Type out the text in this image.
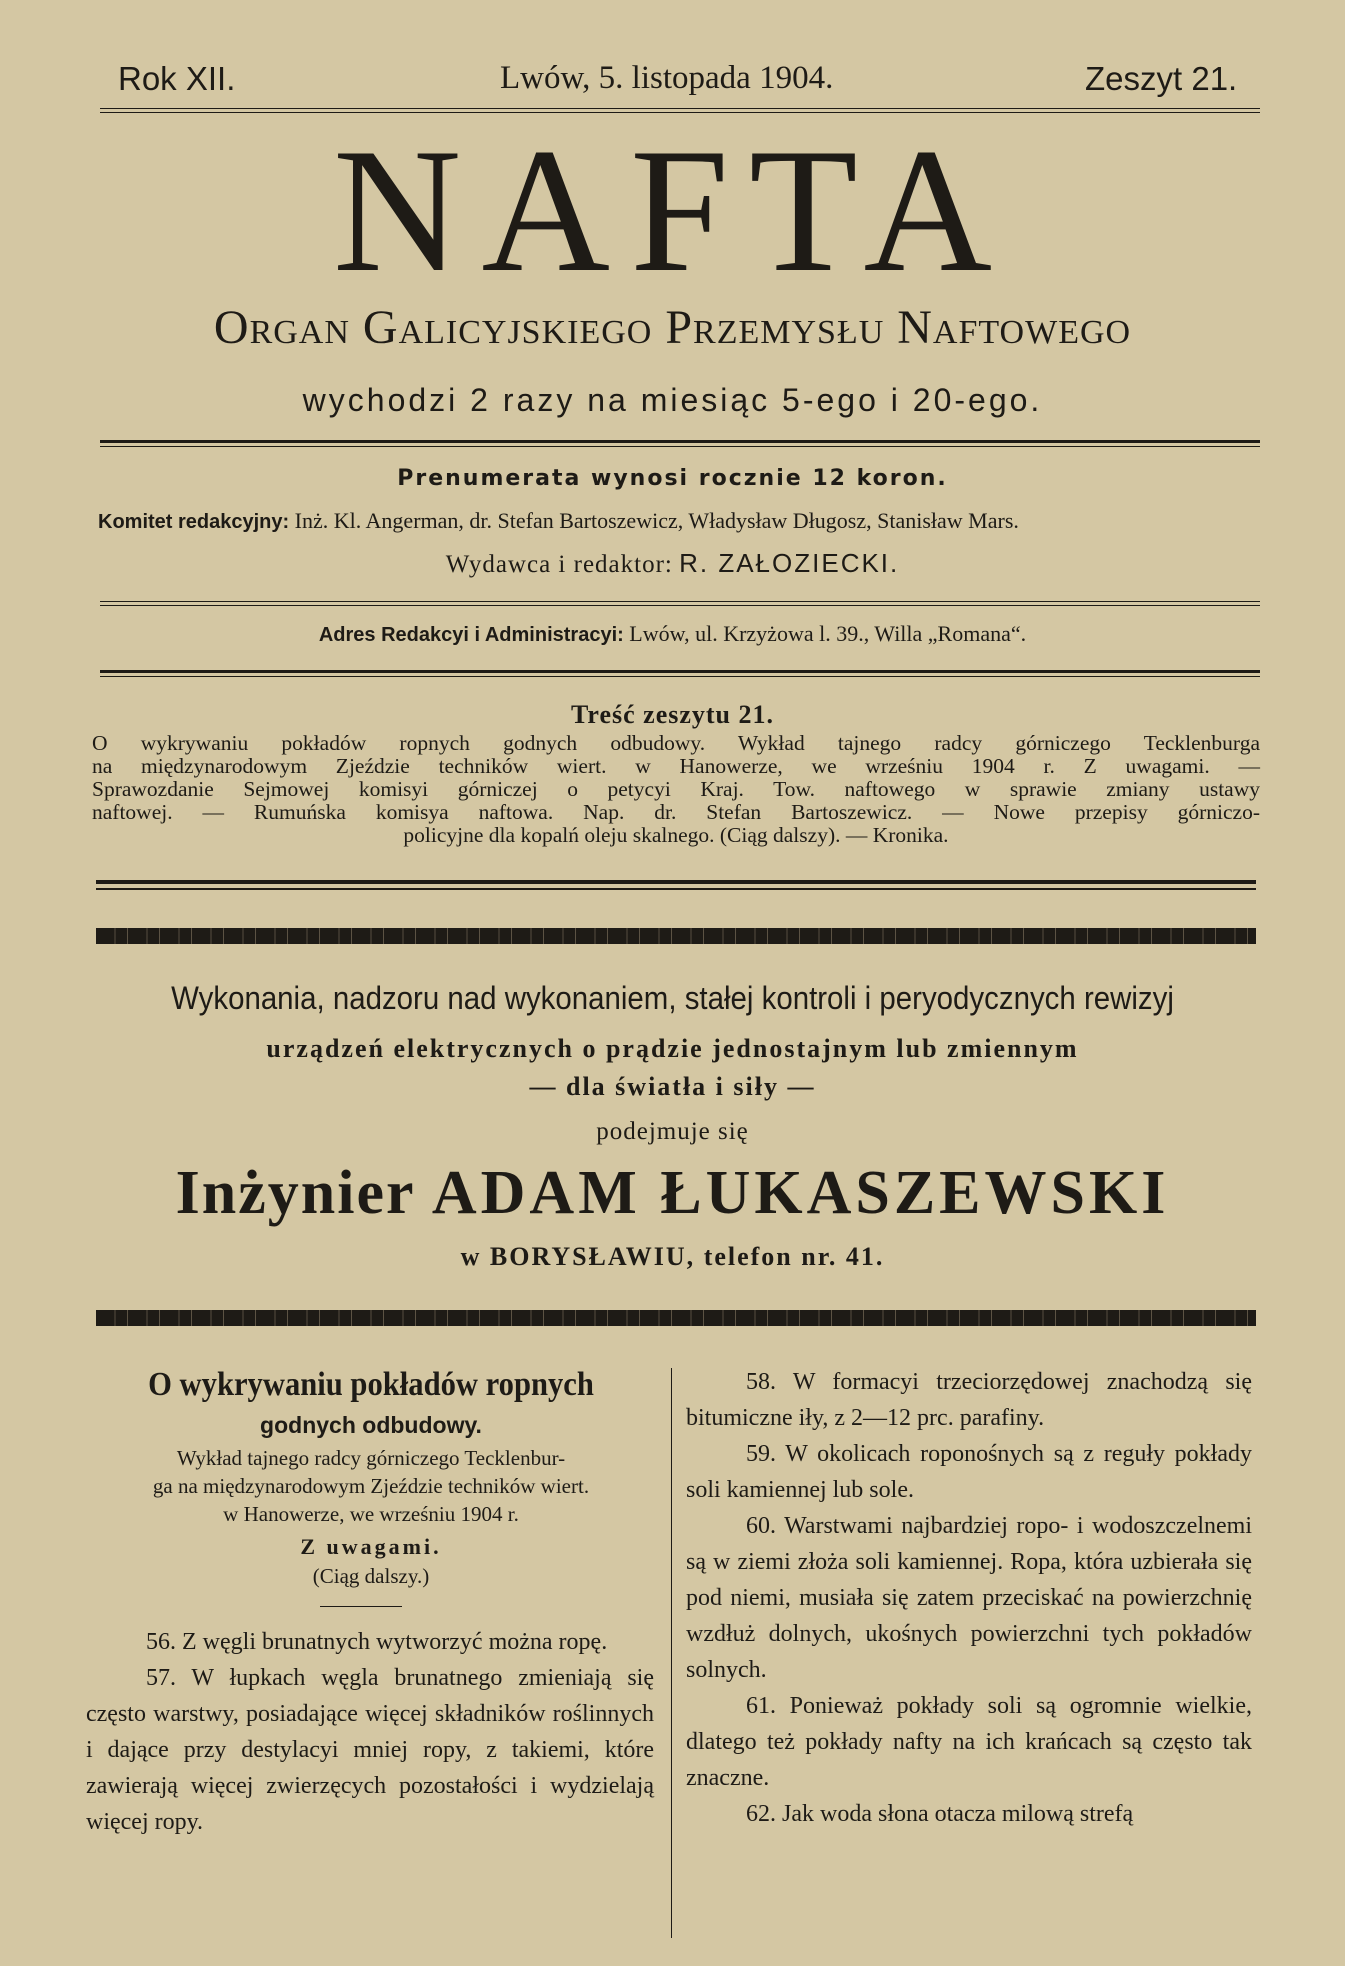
Rok XII.	Lwów, 5. listopada 1904.	Zeszyt 21.
NAFTA
Organ Galicyjskiego Przemysłu Naftowego
wychodzi 2 razy na miesiąc 5-ego i 20-ego.
Prenumerata wynosi rocznie 12 koron.
Komitet redakcyjny: Inż. Kl. Angerman, dr. Stefan Bartoszewicz, Władysław Długosz, Stanisław Mars.
Wydawca i redaktor: R. ZAŁOZIECKI.
Adres Redakcyi i Administracyi: Lwów, ul. Krzyżowa l. 39., Willa „Romana“.
Treść zeszytu 21.
O wykrywaniu pokładów ropnych godnych odbudowy. Wykład tajnego radcy górniczego Tecklenburga
na międzynarodowym Zjeździe techników wiert. w Hanowerze, we wrześniu 1904 r. Z uwagami. —
Sprawozdanie Sejmowej komisyi górniczej o petycyi Kraj. Tow. naftowego w sprawie zmiany ustawy
naftowej. — Rumuńska komisya naftowa. Nap. dr. Stefan Bartoszewicz. — Nowe przepisy górniczo-
policyjne dla kopalń oleju skalnego. (Ciąg dalszy). — Kronika.
Wykonania, nadzoru nad wykonaniem, stałej kontroli i peryodycznych rewizyj
urządzeń elektrycznych o prądzie jednostajnym lub zmiennym
— dla światła i siły —
podejmuje się
Inżynier ADAM ŁUKASZEWSKI
w BORYSŁAWIU, telefon nr. 41.
O wykrywaniu pokładów ropnych
godnych odbudowy.
Wykład tajnego radcy górniczego Tecklenbur-
ga na międzynarodowym Zjeździe techników wiert.
w Hanowerze, we wrześniu 1904 r.
Z uwagami.
(Ciąg dalszy.)

56. Z węgli brunatnych wytworzyć można ropę.

57. W łupkach węgla brunatnego zmieniają się często warstwy, posiadające więcej składników roślinnych i dające przy destylacyi mniej ropy, z takiemi, które zawierają więcej zwierzęcych pozostałości i wydzielają więcej ropy.

58. W formacyi trzeciorzędowej znachodzą się bitumiczne iły, z 2—12 prc. parafiny.

59. W okolicach roponośnych są z reguły pokłady soli kamiennej lub sole.

60. Warstwami najbardziej ropo- i wodoszczelnemi są w ziemi złoża soli kamiennej. Ropa, która uzbierała się pod niemi, musiała się zatem przeciskać na powierzchnię wzdłuż dolnych, ukośnych powierzchni tych pokładów solnych.

61. Ponieważ pokłady soli są ogromnie wielkie, dlatego też pokłady nafty na ich krańcach są często tak znaczne.

62. Jak woda słona otacza milową strefą
